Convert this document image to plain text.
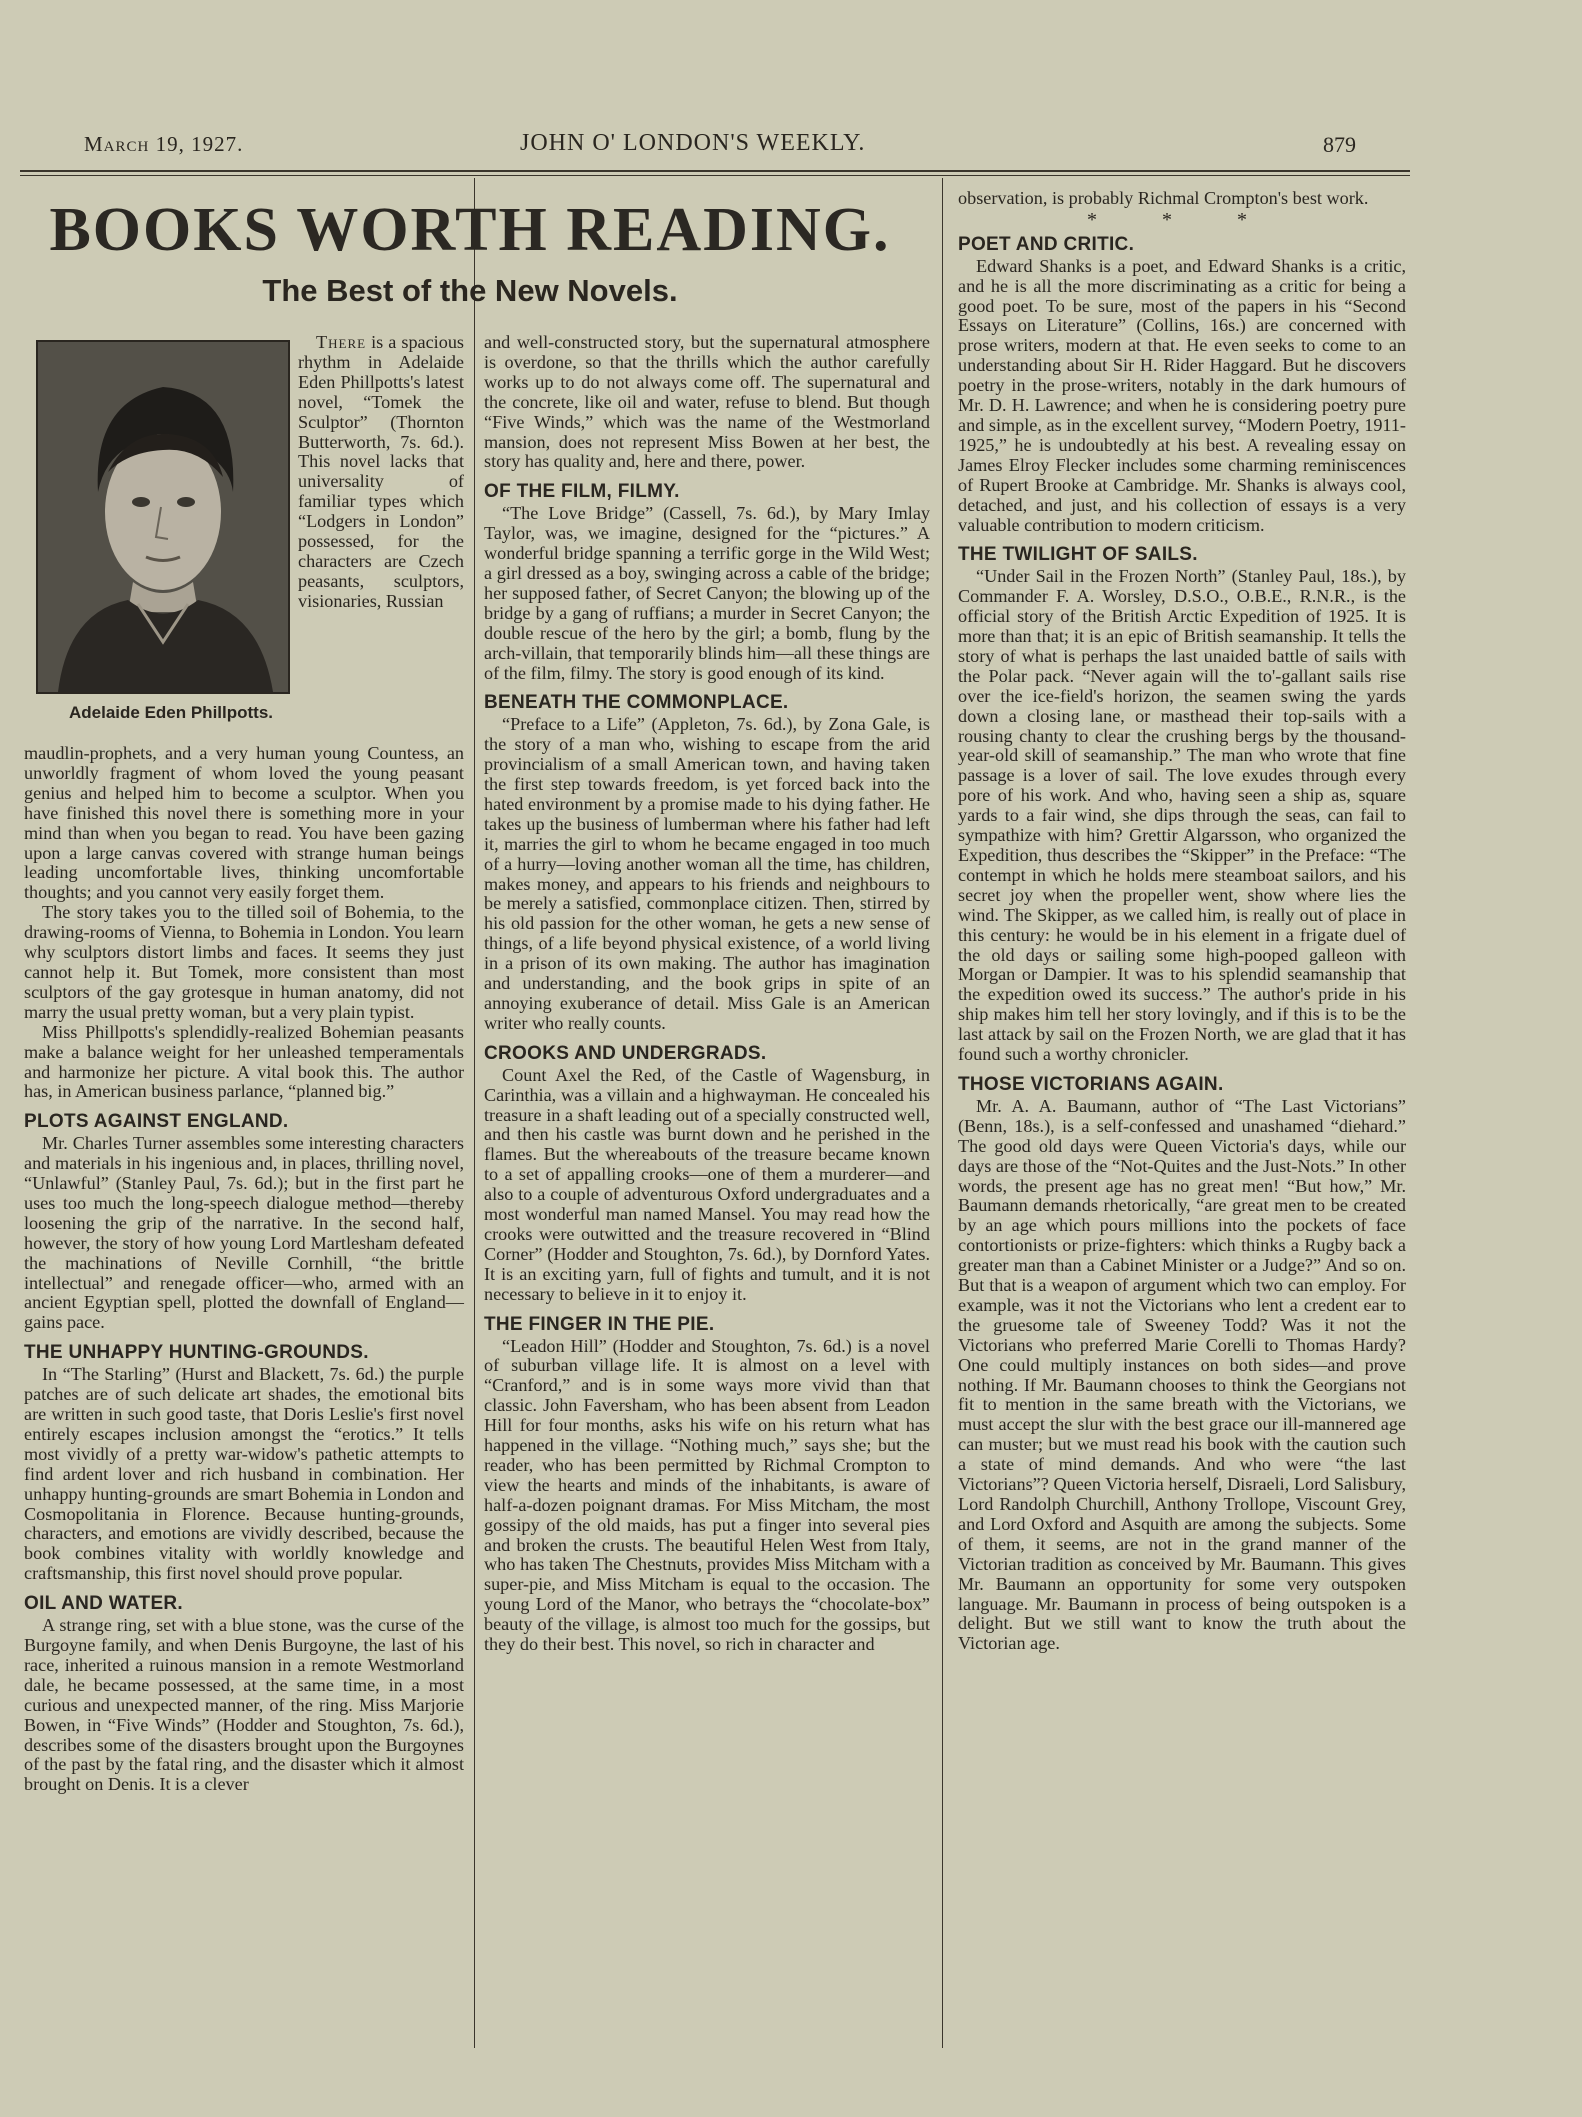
March 19, 1927.	JOHN O' LONDON'S WEEKLY.	879
BOOKS WORTH READING.
The Best of the New Novels.
Adelaide Eden Phillpotts.

There is a spacious rhythm in Adelaide Eden Phillpotts's latest novel, “Tomek the Sculptor” (Thornton Butterworth, 7s. 6d.). This novel lacks that universality of familiar types which “Lodgers in London” possessed, for the characters are Czech peasants, sculptors, visionaries, Russian

maudlin-prophets, and a very human young Countess, an unworldly fragment of whom loved the young peasant genius and helped him to become a sculptor. When you have finished this novel there is something more in your mind than when you began to read. You have been gazing upon a large canvas covered with strange human beings leading uncomfortable lives, thinking uncomfortable thoughts; and you cannot very easily forget them.

The story takes you to the tilled soil of Bohemia, to the drawing-rooms of Vienna, to Bohemia in London. You learn why sculptors distort limbs and faces. It seems they just cannot help it. But Tomek, more consistent than most sculptors of the gay grotesque in human anatomy, did not marry the usual pretty woman, but a very plain typist.

Miss Phillpotts's splendidly-realized Bohemian peasants make a balance weight for her unleashed temperamentals and harmonize her picture. A vital book this. The author has, in American business parlance, “planned big.”

PLOTS AGAINST ENGLAND.

Mr. Charles Turner assembles some interesting characters and materials in his ingenious and, in places, thrilling novel, “Unlawful” (Stanley Paul, 7s. 6d.); but in the first part he uses too much the long-speech dialogue method—thereby loosening the grip of the narrative. In the second half, however, the story of how young Lord Martlesham defeated the machinations of Neville Cornhill, “the brittle intellectual” and renegade officer—who, armed with an ancient Egyptian spell, plotted the downfall of England—gains pace.

THE UNHAPPY HUNTING-GROUNDS.

In “The Starling” (Hurst and Blackett, 7s. 6d.) the purple patches are of such delicate art shades, the emotional bits are written in such good taste, that Doris Leslie's first novel entirely escapes inclusion amongst the “erotics.” It tells most vividly of a pretty war-widow's pathetic attempts to find ardent lover and rich husband in combination. Her unhappy hunting-grounds are smart Bohemia in London and Cosmopolitania in Florence. Because hunting-grounds, characters, and emotions are vividly described, because the book combines vitality with worldly knowledge and craftsmanship, this first novel should prove popular.

OIL AND WATER.

A strange ring, set with a blue stone, was the curse of the Burgoyne family, and when Denis Burgoyne, the last of his race, inherited a ruinous mansion in a remote Westmorland dale, he became possessed, at the same time, in a most curious and unexpected manner, of the ring. Miss Marjorie Bowen, in “Five Winds” (Hodder and Stoughton, 7s. 6d.), describes some of the disasters brought upon the Burgoynes of the past by the fatal ring, and the disaster which it almost brought on Denis. It is a clever

and well-constructed story, but the supernatural atmosphere is overdone, so that the thrills which the author carefully works up to do not always come off. The supernatural and the concrete, like oil and water, refuse to blend. But though “Five Winds,” which was the name of the Westmorland mansion, does not represent Miss Bowen at her best, the story has quality and, here and there, power.

OF THE FILM, FILMY.

“The Love Bridge” (Cassell, 7s. 6d.), by Mary Imlay Taylor, was, we imagine, designed for the “pictures.” A wonderful bridge spanning a terrific gorge in the Wild West; a girl dressed as a boy, swinging across a cable of the bridge; her supposed father, of Secret Canyon; the blowing up of the bridge by a gang of ruffians; a murder in Secret Canyon; the double rescue of the hero by the girl; a bomb, flung by the arch-villain, that temporarily blinds him—all these things are of the film, filmy. The story is good enough of its kind.

BENEATH THE COMMONPLACE.

“Preface to a Life” (Appleton, 7s. 6d.), by Zona Gale, is the story of a man who, wishing to escape from the arid provincialism of a small American town, and having taken the first step towards freedom, is yet forced back into the hated environment by a promise made to his dying father. He takes up the business of lumberman where his father had left it, marries the girl to whom he became engaged in too much of a hurry—loving another woman all the time, has children, makes money, and appears to his friends and neighbours to be merely a satisfied, commonplace citizen. Then, stirred by his old passion for the other woman, he gets a new sense of things, of a life beyond physical existence, of a world living in a prison of its own making. The author has imagination and understanding, and the book grips in spite of an annoying exuberance of detail. Miss Gale is an American writer who really counts.

CROOKS AND UNDERGRADS.

Count Axel the Red, of the Castle of Wagensburg, in Carinthia, was a villain and a highwayman. He concealed his treasure in a shaft leading out of a specially constructed well, and then his castle was burnt down and he perished in the flames. But the whereabouts of the treasure became known to a set of appalling crooks—one of them a murderer—and also to a couple of adventurous Oxford undergraduates and a most wonderful man named Mansel. You may read how the crooks were outwitted and the treasure recovered in “Blind Corner” (Hodder and Stoughton, 7s. 6d.), by Dornford Yates. It is an exciting yarn, full of fights and tumult, and it is not necessary to believe in it to enjoy it.

THE FINGER IN THE PIE.

“Leadon Hill” (Hodder and Stoughton, 7s. 6d.) is a novel of suburban village life. It is almost on a level with “Cranford,” and is in some ways more vivid than that classic. John Faversham, who has been absent from Leadon Hill for four months, asks his wife on his return what has happened in the village. “Nothing much,” says she; but the reader, who has been permitted by Richmal Crompton to view the hearts and minds of the inhabitants, is aware of half-a-dozen poignant dramas. For Miss Mitcham, the most gossipy of the old maids, has put a finger into several pies and broken the crusts. The beautiful Helen West from Italy, who has taken The Chestnuts, provides Miss Mitcham with a super-pie, and Miss Mitcham is equal to the occasion. The young Lord of the Manor, who betrays the “chocolate-box” beauty of the village, is almost too much for the gossips, but they do their best. This novel, so rich in character and

observation, is probably Richmal Crompton's best work.

* * *
POET AND CRITIC.

Edward Shanks is a poet, and Edward Shanks is a critic, and he is all the more discriminating as a critic for being a good poet. To be sure, most of the papers in his “Second Essays on Literature” (Collins, 16s.) are concerned with prose writers, modern at that. He even seeks to come to an understanding about Sir H. Rider Haggard. But he discovers poetry in the prose-writers, notably in the dark humours of Mr. D. H. Lawrence; and when he is considering poetry pure and simple, as in the excellent survey, “Modern Poetry, 1911-1925,” he is undoubtedly at his best. A revealing essay on James Elroy Flecker includes some charming reminiscences of Rupert Brooke at Cambridge. Mr. Shanks is always cool, detached, and just, and his collection of essays is a very valuable contribution to modern criticism.

THE TWILIGHT OF SAILS.

“Under Sail in the Frozen North” (Stanley Paul, 18s.), by Commander F. A. Worsley, D.S.O., O.B.E., R.N.R., is the official story of the British Arctic Expedition of 1925. It is more than that; it is an epic of British seamanship. It tells the story of what is perhaps the last unaided battle of sails with the Polar pack. “Never again will the to'-gallant sails rise over the ice-field's horizon, the seamen swing the yards down a closing lane, or masthead their top-sails with a rousing chanty to clear the crushing bergs by the thousand-year-old skill of seamanship.” The man who wrote that fine passage is a lover of sail. The love exudes through every pore of his work. And who, having seen a ship as, square yards to a fair wind, she dips through the seas, can fail to sympathize with him? Grettir Algarsson, who organized the Expedition, thus describes the “Skipper” in the Preface: “The contempt in which he holds mere steamboat sailors, and his secret joy when the propeller went, show where lies the wind. The Skipper, as we called him, is really out of place in this century: he would be in his element in a frigate duel of the old days or sailing some high-pooped galleon with Morgan or Dampier. It was to his splendid seamanship that the expedition owed its success.” The author's pride in his ship makes him tell her story lovingly, and if this is to be the last attack by sail on the Frozen North, we are glad that it has found such a worthy chronicler.

THOSE VICTORIANS AGAIN.

Mr. A. A. Baumann, author of “The Last Victorians” (Benn, 18s.), is a self-confessed and unashamed “diehard.” The good old days were Queen Victoria's days, while our days are those of the “Not-Quites and the Just-Nots.” In other words, the present age has no great men! “But how,” Mr. Baumann demands rhetorically, “are great men to be created by an age which pours millions into the pockets of face contortionists or prize-fighters: which thinks a Rugby back a greater man than a Cabinet Minister or a Judge?” And so on. But that is a weapon of argument which two can employ. For example, was it not the Victorians who lent a credent ear to the gruesome tale of Sweeney Todd? Was it not the Victorians who preferred Marie Corelli to Thomas Hardy? One could multiply instances on both sides—and prove nothing. If Mr. Baumann chooses to think the Georgians not fit to mention in the same breath with the Victorians, we must accept the slur with the best grace our ill-mannered age can muster; but we must read his book with the caution such a state of mind demands. And who were “the last Victorians”? Queen Victoria herself, Disraeli, Lord Salisbury, Lord Randolph Churchill, Anthony Trollope, Viscount Grey, and Lord Oxford and Asquith are among the subjects. Some of them, it seems, are not in the grand manner of the Victorian tradition as conceived by Mr. Baumann. This gives Mr. Baumann an opportunity for some very outspoken language. Mr. Baumann in process of being outspoken is a delight. But we still want to know the truth about the Victorian age.
